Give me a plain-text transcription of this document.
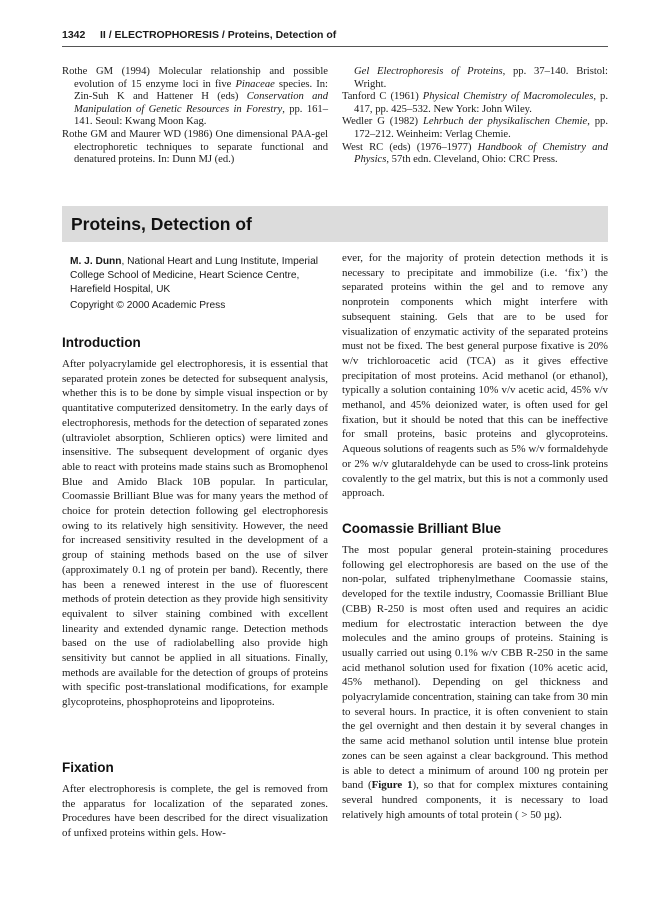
1342 II / ELECTROPHORESIS / Proteins, Detection of

Rothe GM (1994) Molecular relationship and possible evolution of 15 enzyme loci in five Pinaceae species. In: Zin-Suh K and Hattener H (eds) Conservation and Manipulation of Genetic Resources in Forestry, pp. 161–141. Seoul: Kwang Moon Kag.

Rothe GM and Maurer WD (1986) One dimensional PAA-gel electrophoretic techniques to separate functional and denatured proteins. In: Dunn MJ (ed.)

Gel Electrophoresis of Proteins, pp. 37–140. Bristol: Wright.

Tanford C (1961) Physical Chemistry of Macromolecules, p. 417, pp. 425–532. New York: John Wiley.

Wedler G (1982) Lehrbuch der physikalischen Chemie, pp. 172–212. Weinheim: Verlag Chemie.

West RC (eds) (1976–1977) Handbook of Chemistry and Physics, 57th edn. Cleveland, Ohio: CRC Press.

Proteins, Detection of
M. J. Dunn, National Heart and Lung Institute, Imperial College School of Medicine, Heart Science Centre, Harefield Hospital, UK
Copyright © 2000 Academic Press
Introduction

After polyacrylamide gel electrophoresis, it is essential that separated protein zones be detected for subsequent analysis, whether this is to be done by simple visual inspection or by quantitative computerized densitometry. In the early days of electrophoresis, methods for the detection of separated zones (ultraviolet absorption, Schlieren optics) were limited and insensitive. The subsequent development of organic dyes able to react with proteins made stains such as Bromophenol Blue and Amido Black 10B popular. In particular, Coomassie Brilliant Blue was for many years the method of choice for protein detection following gel electrophoresis owing to its relatively high sensitivity. However, the need for increased sensitivity resulted in the development of a group of staining methods based on the use of silver (approximately 0.1 ng of protein per band). Recently, there has been a renewed interest in the use of fluorescent methods of protein detection as they provide high sensitivity equivalent to silver staining combined with excellent linearity and extended dynamic range. Detection methods based on the use of radiolabelling also provide high sensitivity but cannot be applied in all situations. Finally, methods are available for the detection of groups of proteins with specific post-translational modifications, for example glycoproteins, phosphoproteins and lipoproteins.

Fixation

After electrophoresis is complete, the gel is removed from the apparatus for localization of the separated zones. Procedures have been described for the direct visualization of unfixed proteins within gels. How-

ever, for the majority of protein detection methods it is necessary to precipitate and immobilize (i.e. ‘fix’) the separated proteins within the gel and to remove any nonprotein components which might interfere with subsequent staining. Gels that are to be used for visualization of enzymatic activity of the separated proteins must not be fixed. The best general purpose fixative is 20% w/v trichloroacetic acid (TCA) as it gives effective precipitation of most proteins. Acid methanol (or ethanol), typically a solution containing 10% v/v acetic acid, 45% v/v methanol, and 45% deionized water, is often used for gel fixation, but it should be noted that this can be ineffective for small proteins, basic proteins and glycoproteins. Aqueous solutions of reagents such as 5% w/v formaldehyde or 2% w/v glutaraldehyde can be used to cross-link proteins covalently to the gel matrix, but this is not a commonly used approach.

Coomassie Brilliant Blue

The most popular general protein-staining procedures following gel electrophoresis are based on the use of the non-polar, sulfated triphenylmethane Coomassie stains, developed for the textile industry, Coomassie Brilliant Blue (CBB) R-250 is most often used and requires an acidic medium for electrostatic interaction between the dye molecules and the amino groups of proteins. Staining is usually carried out using 0.1% w/v CBB R-250 in the same acid methanol solution used for fixation (10% acetic acid, 45% methanol). Depending on gel thickness and polyacrylamide concentration, staining can take from 30 min to several hours. In practice, it is often convenient to stain the gel overnight and then destain it by several changes in the same acid methanol solution until intense blue protein zones can be seen against a clear background. This method is able to detect a minimum of around 100 ng protein per band (Figure 1), so that for complex mixtures containing several hundred components, it is necessary to load relatively high amounts of total protein ( > 50 µg).
